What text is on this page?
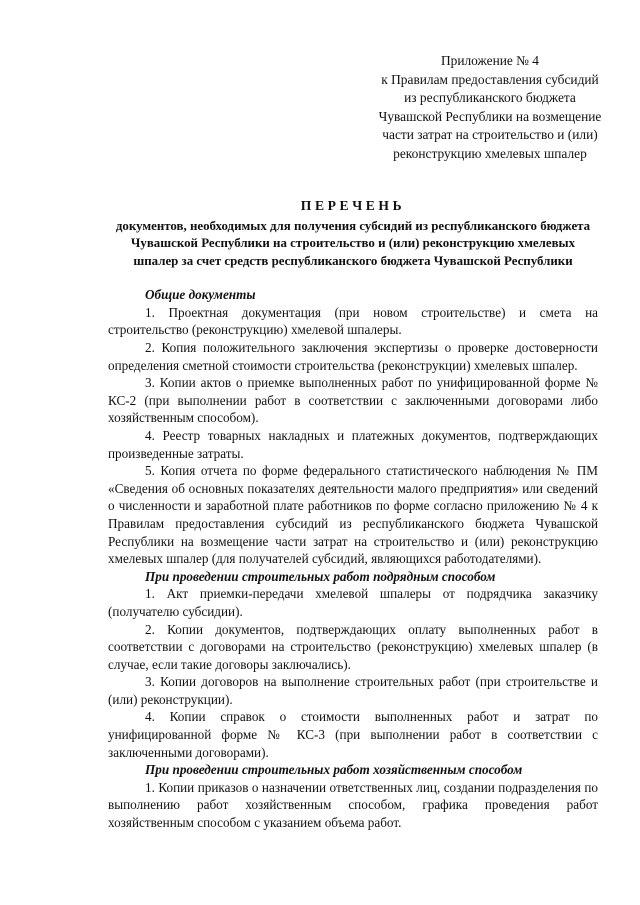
Приложение № 4
к Правилам предоставления субсидий
из республиканского бюджета
Чувашской Республики на возмещение
части затрат на строительство и (или)
реконструкцию хмелевых шпалер
ПЕРЕЧЕНЬ
документов, необходимых для получения субсидий из республиканского бюджета Чувашской Республики на строительство и (или) реконструкцию хмелевых шпалер за счет средств республиканского бюджета Чувашской Республики

Общие документы

1. Проектная документация (при новом строительстве) и смета на строительство (реконструкцию) хмелевой шпалеры.

2. Копия положительного заключения экспертизы о проверке достоверности определения сметной стоимости строительства (реконструкции) хмелевых шпалер.

3. Копии актов о приемке выполненных работ по унифицированной форме № КС-2 (при выполнении работ в соответствии с заключенными договорами либо хозяйственным способом).

4. Реестр товарных накладных и платежных документов, подтверждающих произведенные затраты.

5. Копия отчета по форме федерального статистического наблюдения № ПМ «Сведения об основных показателях деятельности малого предприятия» или сведений о численности и заработной плате работников по форме согласно приложению № 4 к Правилам предоставления субсидий из республиканского бюджета Чувашской Республики на возмещение части затрат на строительство и (или) реконструкцию хмелевых шпалер (для получателей субсидий, являющихся работодателями).

При проведении строительных работ подрядным способом

1. Акт приемки-передачи хмелевой шпалеры от подрядчика заказчику (получателю субсидии).

2. Копии документов, подтверждающих оплату выполненных работ в соответствии с договорами на строительство (реконструкцию) хмелевых шпалер (в случае, если такие договоры заключались).

3. Копии договоров на выполнение строительных работ (при строительстве и (или) реконструкции).

4. Копии справок о стоимости выполненных работ и затрат по унифицированной форме № КС-3 (при выполнении работ в соответствии с заключенными договорами).

При проведении строительных работ хозяйственным способом

1. Копии приказов о назначении ответственных лиц, создании подразделения по выполнению работ хозяйственным способом, графика проведения работ хозяйственным способом с указанием объема работ.
